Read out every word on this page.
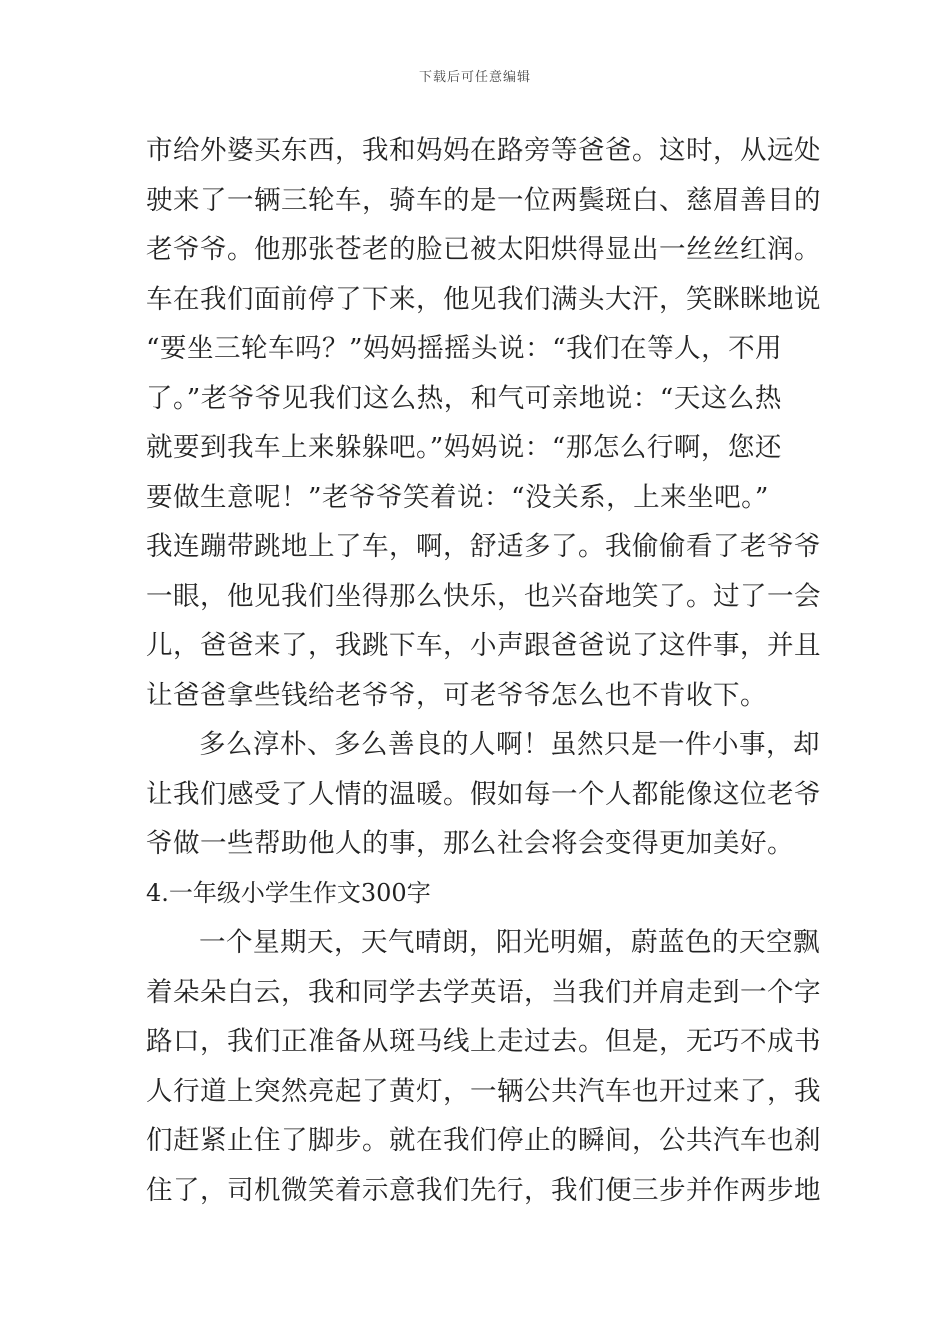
下载后可任意编辑
市给外婆买东西，我和妈妈在路旁等爸爸。这时，从远处
驶来了一辆三轮车，骑车的是一位两鬓斑白、慈眉善目的
老爷爷。他那张苍老的脸已被太阳烘得显出一丝丝红润。
车在我们面前停了下来，他见我们满头大汗，笑眯眯地说
“要坐三轮车吗？”妈妈摇摇头说：“我们在等人，不用
了。”老爷爷见我们这么热，和气可亲地说：“天这么热
就要到我车上来躲躲吧。”妈妈说：“那怎么行啊，您还
要做生意呢！”老爷爷笑着说：“没关系，上来坐吧。”
我连蹦带跳地上了车，啊，舒适多了。我偷偷看了老爷爷
一眼，他见我们坐得那么快乐，也兴奋地笑了。过了一会
儿，爸爸来了，我跳下车，小声跟爸爸说了这件事，并且
让爸爸拿些钱给老爷爷，可老爷爷怎么也不肯收下。
多么淳朴、多么善良的人啊！虽然只是一件小事，却
让我们感受了人情的温暖。假如每一个人都能像这位老爷
爷做一些帮助他人的事，那么社会将会变得更加美好。
4.一年级小学生作文300字
一个星期天，天气晴朗，阳光明媚，蔚蓝色的天空飘
着朵朵白云，我和同学去学英语，当我们并肩走到一个字
路口，我们正准备从斑马线上走过去。但是，无巧不成书
人行道上突然亮起了黄灯，一辆公共汽车也开过来了，我
们赶紧止住了脚步。就在我们停止的瞬间，公共汽车也刹
住了，司机微笑着示意我们先行，我们便三步并作两步地
